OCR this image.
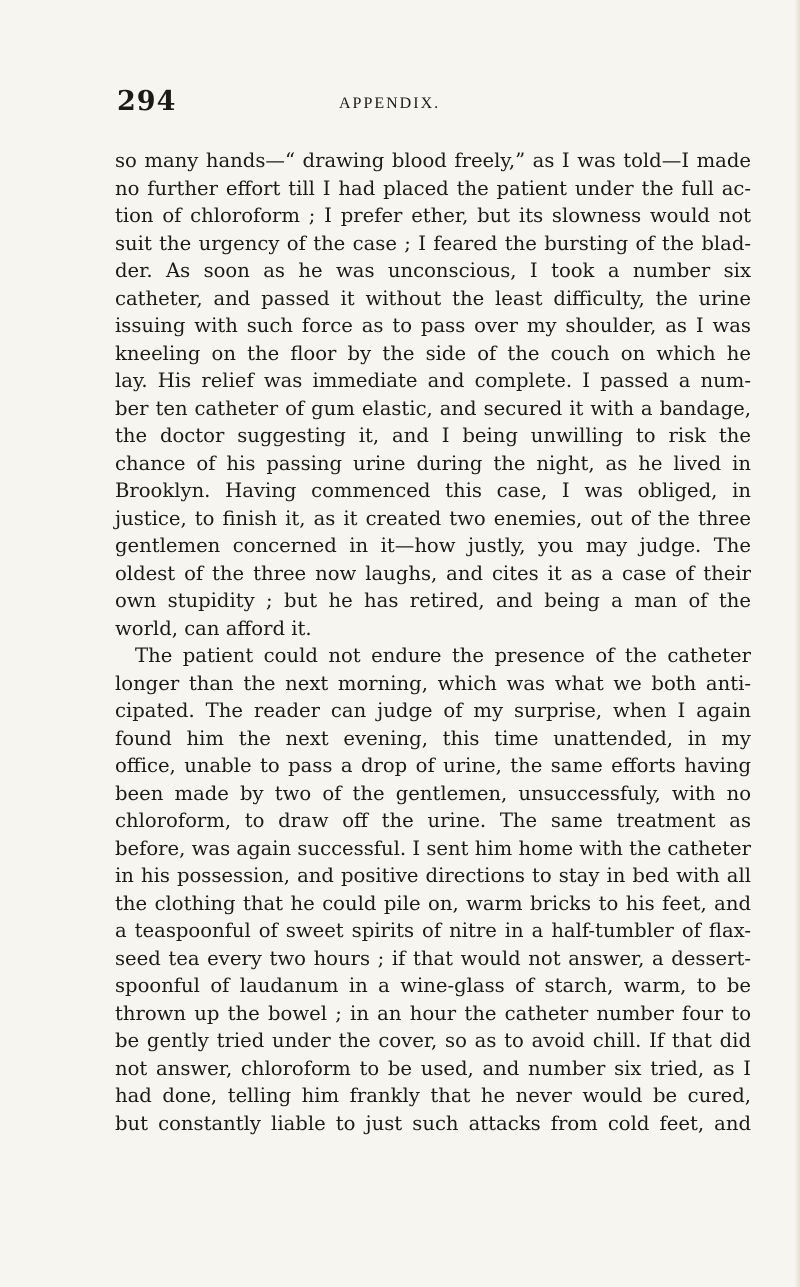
294	APPENDIX.
so many hands—“ drawing blood freely,” as I was told—I made
no further effort till I had placed the patient under the full ac-
tion of chloroform ; I prefer ether, but its slowness would not
suit the urgency of the case ; I feared the bursting of the blad-
der. As soon as he was unconscious, I took a number six
catheter, and passed it without the least difficulty, the urine
issuing with such force as to pass over my shoulder, as I was
kneeling on the floor by the side of the couch on which he
lay. His relief was immediate and complete. I passed a num-
ber ten catheter of gum elastic, and secured it with a bandage,
the doctor suggesting it, and I being unwilling to risk the
chance of his passing urine during the night, as he lived in
Brooklyn. Having commenced this case, I was obliged, in
justice, to finish it, as it created two enemies, out of the three
gentlemen concerned in it—how justly, you may judge. The
oldest of the three now laughs, and cites it as a case of their
own stupidity ; but he has retired, and being a man of the
world, can afford it.
The patient could not endure the presence of the catheter
longer than the next morning, which was what we both anti-
cipated. The reader can judge of my surprise, when I again
found him the next evening, this time unattended, in my
office, unable to pass a drop of urine, the same efforts having
been made by two of the gentlemen, unsuccessfuly, with no
chloroform, to draw off the urine. The same treatment as
before, was again successful. I sent him home with the catheter
in his possession, and positive directions to stay in bed with all
the clothing that he could pile on, warm bricks to his feet, and
a teaspoonful of sweet spirits of nitre in a half-tumbler of flax-
seed tea every two hours ; if that would not answer, a dessert-
spoonful of laudanum in a wine-glass of starch, warm, to be
thrown up the bowel ; in an hour the catheter number four to
be gently tried under the cover, so as to avoid chill. If that did
not answer, chloroform to be used, and number six tried, as I
had done, telling him frankly that he never would be cured,
but constantly liable to just such attacks from cold feet, and
